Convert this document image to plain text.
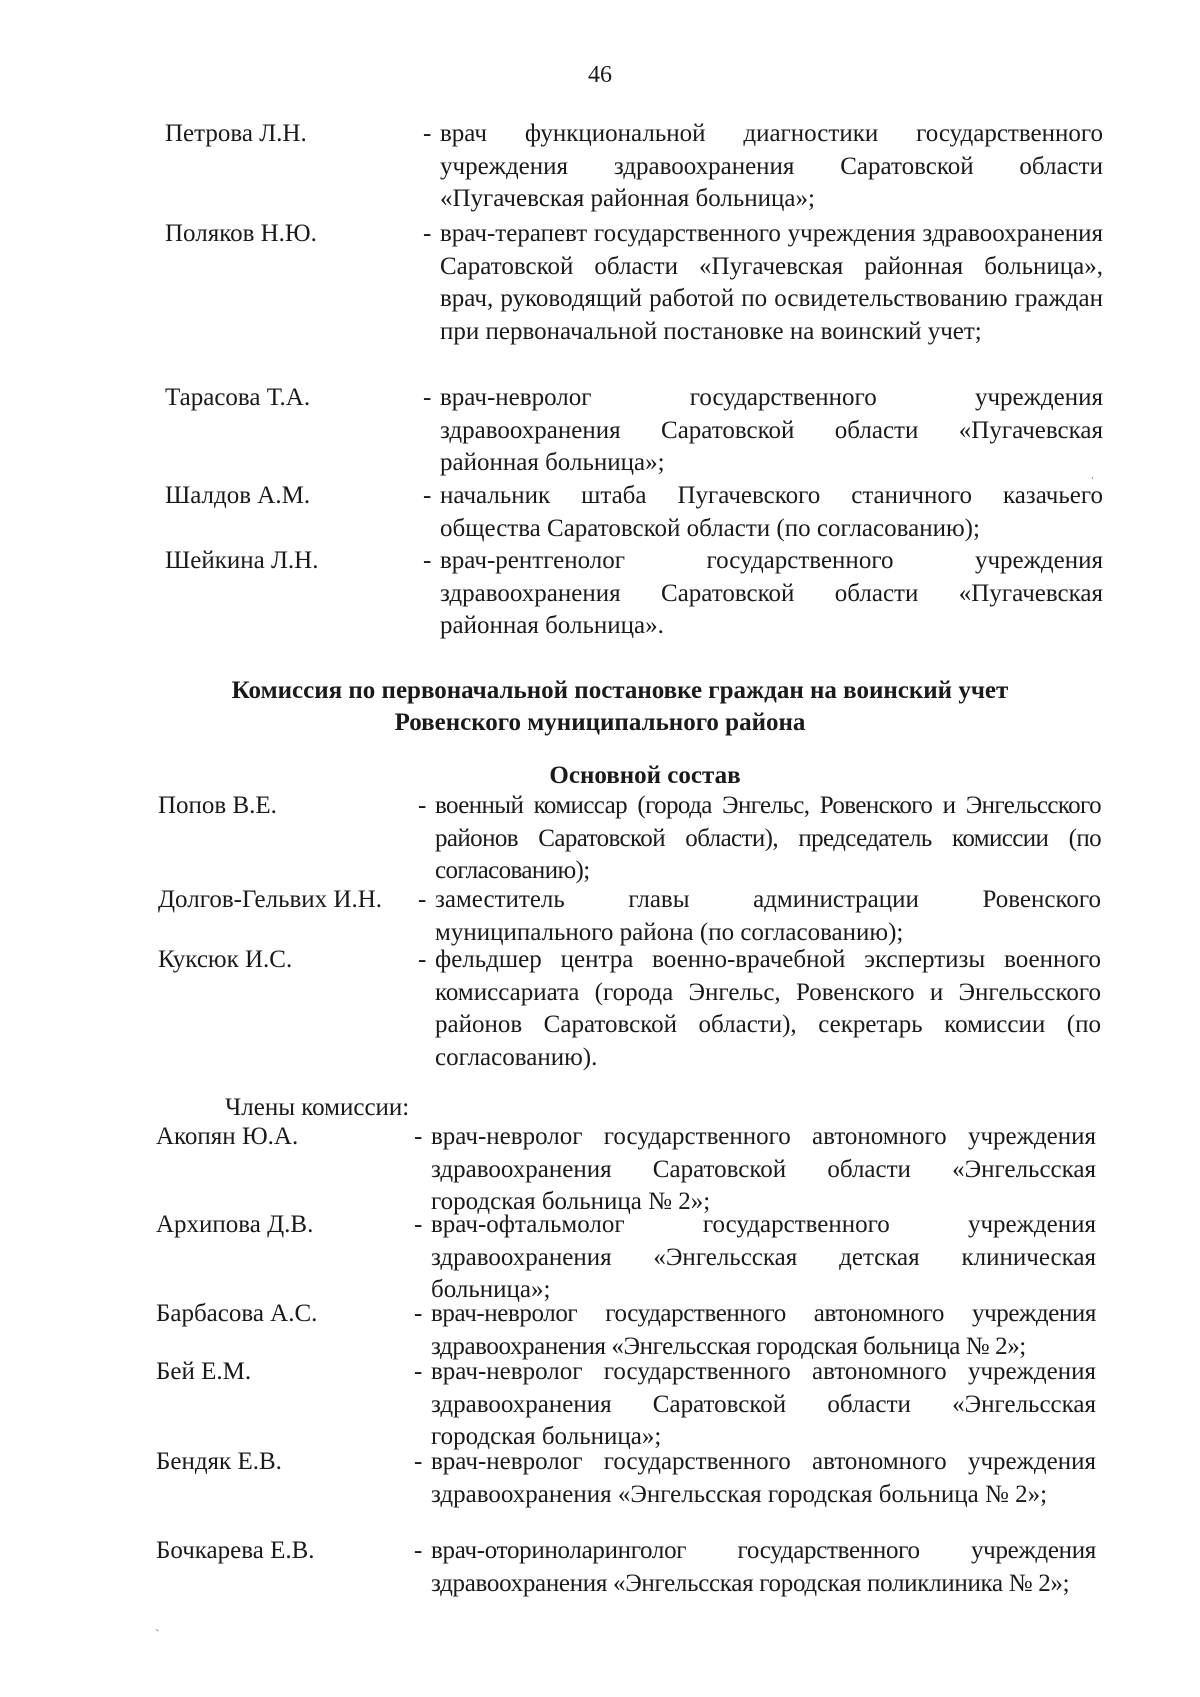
46
Петрова Л.Н.	- врач функциональной диагностики государственного учреждения здравоохранения Саратовской области «Пугачевская районная больница»;
Поляков Н.Ю.	- врач-терапевт государственного учреждения здравоохранения Саратовской области «Пугачевская районная больница», врач, руководящий работой по освидетельствованию граждан при первоначальной постановке на воинский учет;
Тарасова Т.А.	- врач-невролог государственного учреждения здравоохранения Саратовской области «Пугачевская районная больница»;
Шалдов А.М.	- начальник штаба Пугачевского станичного казачьего общества Саратовской области (по согласованию);
Шейкина Л.Н.	- врач-рентгенолог государственного учреждения здравоохранения Саратовской области «Пугачевская районная больница».
ˌ
Комиссия по первоначальной постановке граждан на воинский учет
Ровенского муниципального района
Основной состав
Попов В.Е.	- военный комиссар (города Энгельс, Ровенского и Энгельсского районов Саратовской области), председатель комиссии (по согласованию);
Долгов-Гельвих И.Н. - заместитель главы администрации Ровенского муниципального района (по согласованию);
Куксюк И.С.	- фельдшер центра военно-врачебной экспертизы военного комиссариата (города Энгельс, Ровенского и Энгельсского районов Саратовской области), секретарь комиссии (по согласованию).
Члены комиссии:
Акопян Ю.А.	- врач-невролог государственного автономного учреждения здравоохранения Саратовской области «Энгельсская городская больница № 2»;
Архипова Д.В.	- врач-офтальмолог государственного учреждения здравоохранения «Энгельсская детская клиническая больница»;
Барбасова А.С.	- врач-невролог государственного автономного учреждения здравоохранения «Энгельсская городская больница № 2»;
Бей Е.М.	- врач-невролог государственного автономного учреждения здравоохранения Саратовской области «Энгельсская городская больница»;
Бендяк Е.В.	- врач-невролог государственного автономного учреждения здравоохранения «Энгельсская городская больница № 2»;
Бочкарева Е.В.	- врач-оториноларинголог государственного учреждения здравоохранения «Энгельсская городская поликлиника № 2»;
`
